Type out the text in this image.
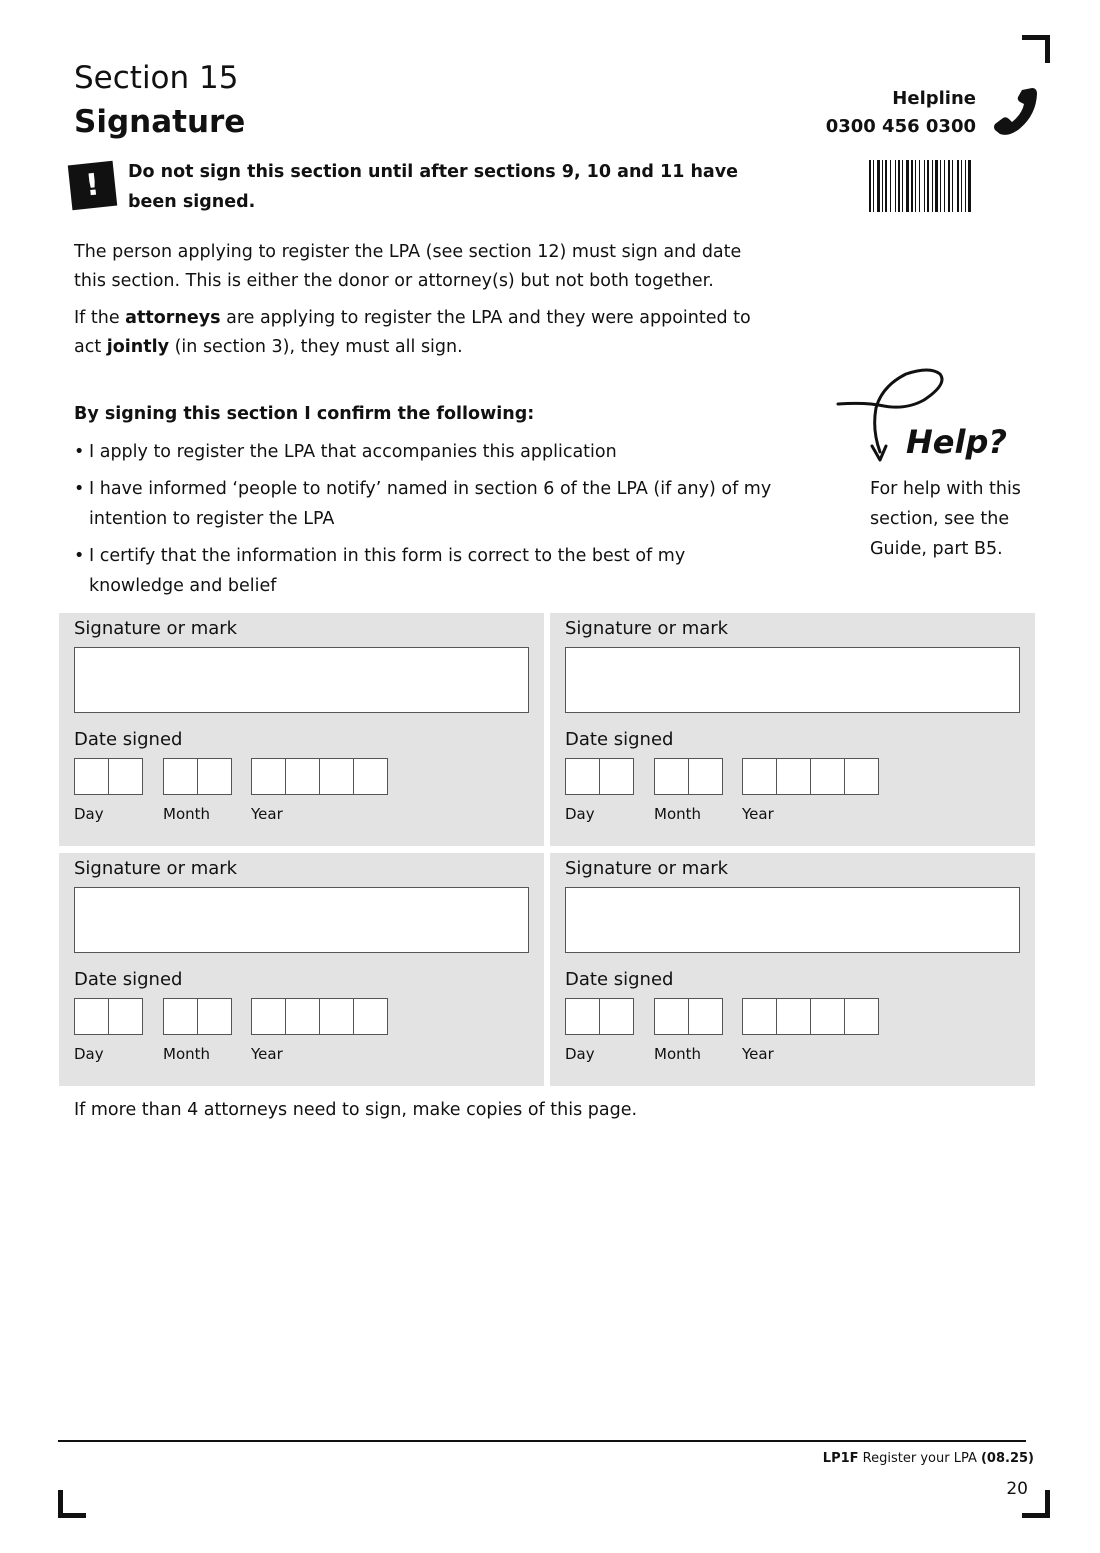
Section 15
Signature
!	Do not sign this section until after sections 9, 10 and 11 have been signed.
Helpline
0300 456 0300
The person applying to register the LPA (see section 12) must sign and date this section. This is either the donor or attorney(s) but not both together.
If the attorneys are applying to register the LPA and they were appointed to act jointly (in section 3), they must all sign.
By signing this section I confirm the following:
• I apply to register the LPA that accompanies this application
• I have informed ‘people to notify’ named in section 6 of the LPA (if any) of my intention to register the LPA
• I certify that the information in this form is correct to the best of my knowledge and belief
Help?
For help with this section, see the Guide, part B5.
Signature or mark
Date signed
Day	Month	Year
Signature or mark
Date signed
Day	Month	Year
Signature or mark
Date signed
Day	Month	Year
Signature or mark
Date signed
Day	Month	Year
If more than 4 attorneys need to sign, make copies of this page.
LP1F Register your LPA (08.25)
20
